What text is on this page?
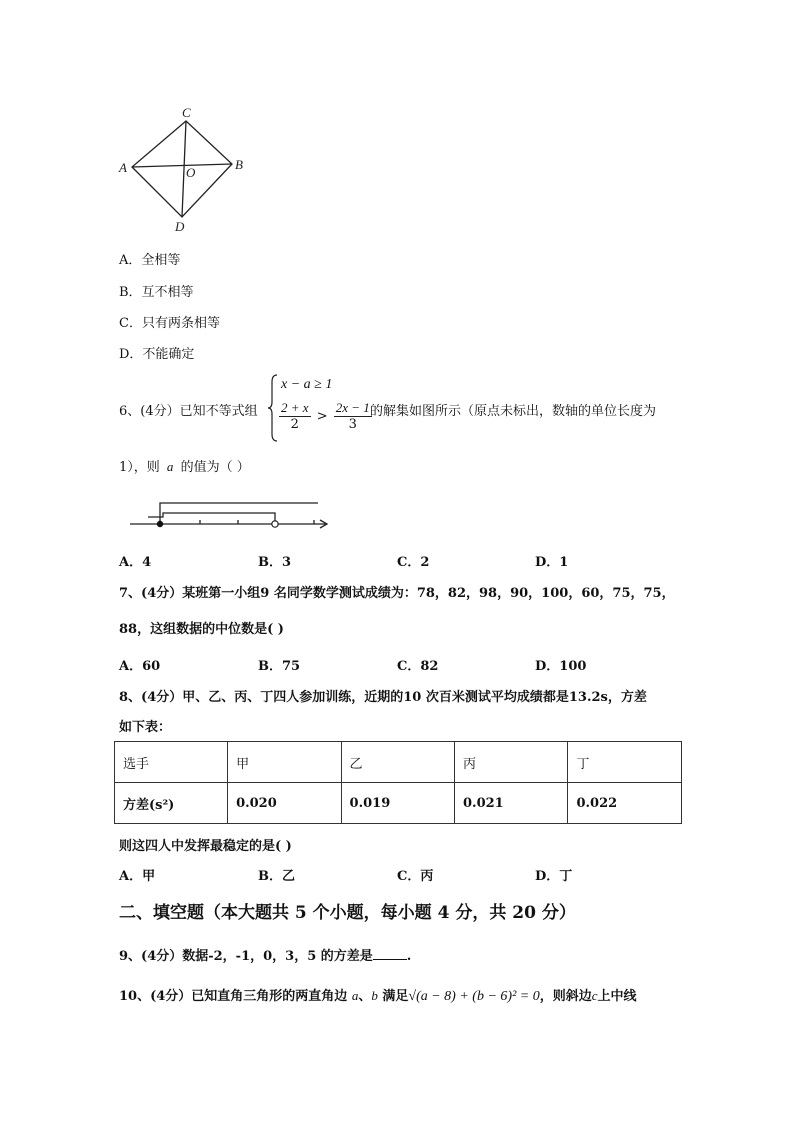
C
A	B
O
D
A．全相等
B．互不相等
C．只有两条相等
D．不能确定
6、(4分）已知不等式组
x − a ≥ 1
$\frac{2 + x}{2} > \frac{2x - 1}{3}$
的解集如图所示（原点未标出，数轴的单位长度为
1），则 a 的值为（ ）
A．4	B．3	C．2	D．1
7、(4分）某班第一小组9 名同学数学测试成绩为：78，82，98，90，100，60，75，75，
88，这组数据的中位数是( )
A．60	B．75	C．82	D．100
8、(4分）甲、乙、丙、丁四人参加训练，近期的10 次百米测试平均成绩都是13.2s，方差
如下表：
选手	甲	乙	丙	丁
方差(s²)	0.020	0.019	0.021	0.022
则这四人中发挥最稳定的是( )
A．甲	B．乙	C．丙	D．丁
二、填空题（本大题共 5 个小题，每小题 4 分，共 20 分）
9、(4分）数据-2，-1，0，3，5 的方差是	.
10、(4分）已知直角三角形的两直角边 a、b 满足√(a − 8) + (b − 6)² = 0，则斜边c上中线
